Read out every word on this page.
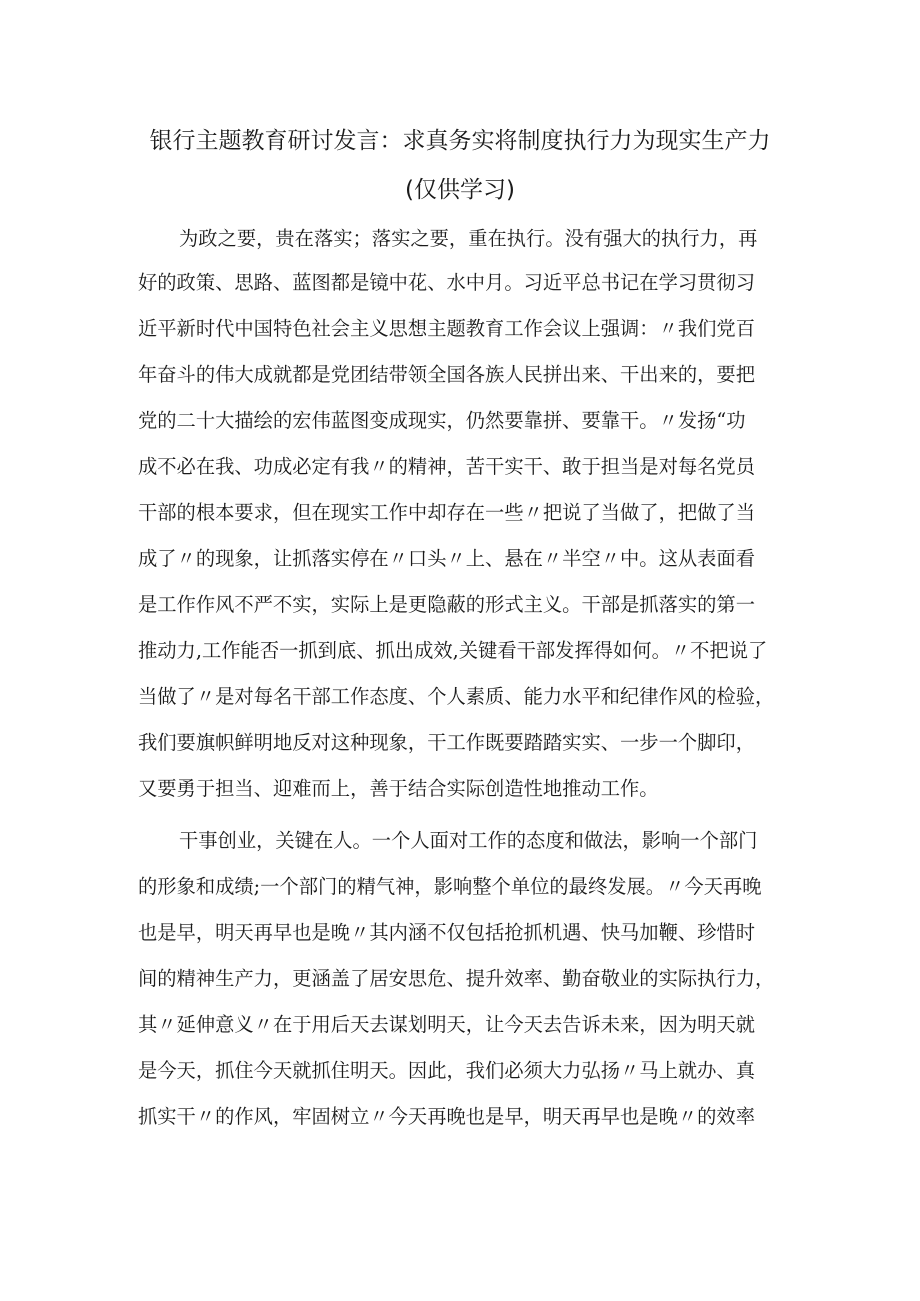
银行主题教育研讨发言：求真务实将制度执行力为现实生产力
(仅供学习)

为政之要，贵在落实；落实之要，重在执行。没有强大的执行力，再

好的政策、思路、蓝图都是镜中花、水中月。习近平总书记在学习贯彻习

近平新时代中国特色社会主义思想主题教育工作会议上强调：〃我们党百

年奋斗的伟大成就都是党团结带领全国各族人民拼出来、干出来的，要把

党的二十大描绘的宏伟蓝图变成现实，仍然要靠拼、要靠干。〃发扬“功

成不必在我、功成必定有我〃的精神，苦干实干、敢于担当是对每名党员

干部的根本要求，但在现实工作中却存在一些〃把说了当做了，把做了当

成了〃的现象，让抓落实停在〃口头〃上、悬在〃半空〃中。这从表面看

是工作作风不严不实，实际上是更隐蔽的形式主义。干部是抓落实的第一

推动力,工作能否一抓到底、抓出成效,关键看干部发挥得如何。〃不把说了

当做了〃是对每名干部工作态度、个人素质、能力水平和纪律作风的检验，

我们要旗帜鲜明地反对这种现象，干工作既要踏踏实实、一步一个脚印，

又要勇于担当、迎难而上，善于结合实际创造性地推动工作。

干事创业，关键在人。一个人面对工作的态度和做法，影响一个部门

的形象和成绩;一个部门的精气神，影响整个单位的最终发展。〃今天再晚

也是早，明天再早也是晚〃其内涵不仅包括抢抓机遇、快马加鞭、珍惜时

间的精神生产力，更涵盖了居安思危、提升效率、勤奋敬业的实际执行力，

其〃延伸意义〃在于用后天去谋划明天，让今天去告诉未来，因为明天就

是今天，抓住今天就抓住明天。因此，我们必须大力弘扬〃马上就办、真

抓实干〃的作风，牢固树立〃今天再晚也是早，明天再早也是晚〃的效率
